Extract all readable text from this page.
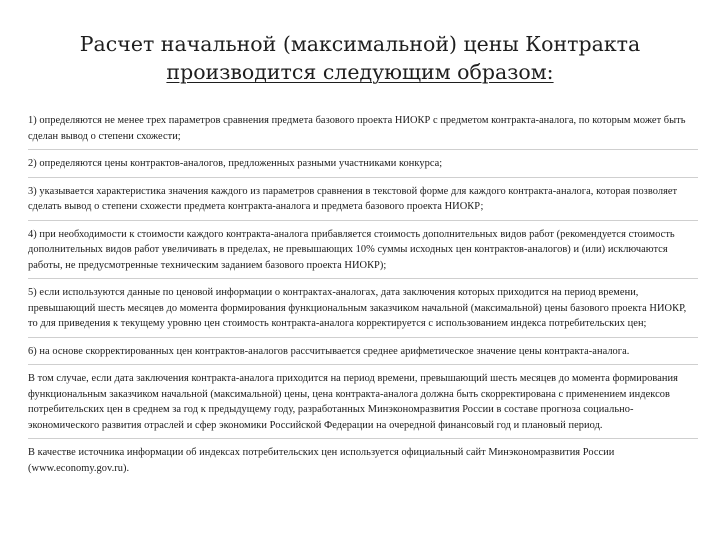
Расчет начальной (максимальной) цены Контракта
производится следующим образом:

1) определяются не менее трех параметров сравнения предмета базового проекта НИОКР с предметом контракта-аналога, по которым может быть сделан вывод о степени схожести;

2) определяются цены контрактов-аналогов, предложенных разными участниками конкурса;

3) указывается характеристика значения каждого из параметров сравнения в текстовой форме для каждого контракта-аналога, которая позволяет сделать вывод о степени схожести предмета контракта-аналога и предмета базового проекта НИОКР;

4) при необходимости к стоимости каждого контракта-аналога прибавляется стоимость дополнительных видов работ (рекомендуется стоимость дополнительных видов работ увеличивать в пределах, не превышающих 10% суммы исходных цен контрактов-аналогов) и (или) исключаются работы, не предусмотренные техническим заданием базового проекта НИОКР);

5) если используются данные по ценовой информации о контрактах-аналогах, дата заключения которых приходится на период времени, превышающий шесть месяцев до момента формирования функциональным заказчиком начальной (максимальной) цены базового проекта НИОКР, то для приведения к текущему уровню цен стоимость контракта-аналога корректируется с использованием индекса потребительских цен;

6) на основе скорректированных цен контрактов-аналогов рассчитывается среднее арифметическое значение цены контракта-аналога.

В том случае, если дата заключения контракта-аналога приходится на период времени, превышающий шесть месяцев до момента формирования функциональным заказчиком начальной (максимальной) цены, цена контракта-аналога должна быть скорректирована с применением индексов потребительских цен в среднем за год к предыдущему году, разработанных Минэкономразвития России в составе прогноза социально-экономического развития отраслей и сфер экономики Российской Федерации на очередной финансовый год и плановый период.

В качестве источника информации об индексах потребительских цен используется официальный сайт Минэкономразвития России (www.economy.gov.ru).
